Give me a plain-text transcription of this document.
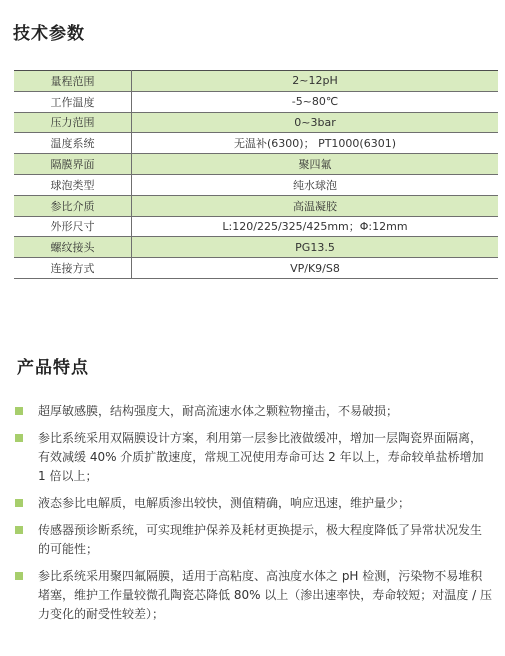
技术参数
量程范围	2~12pH
工作温度	-5~80℃
压力范围	0~3bar
温度系统	无温补(6300)； PT1000(6301)
隔膜界面	聚四氟
球泡类型	纯水球泡
参比介质	高温凝胶
外形尺寸	L:120/225/325/425mm；Φ:12mm
螺纹接头	PG13.5
连接方式	VP/K9/S8
产品特点
超厚敏感膜，结构强度大，耐高流速水体之颗粒物撞击，不易破损；
参比系统采用双隔膜设计方案，利用第一层参比液做缓冲，增加一层陶瓷界面隔离，有效减缓 40% 介质扩散速度，常规工况使用寿命可达 2 年以上，寿命较单盐桥增加 1 倍以上；
液态参比电解质，电解质渗出较快，测值精确，响应迅速，维护量少；
传感器预诊断系统，可实现维护保养及耗材更换提示，极大程度降低了异常状况发生的可能性；
参比系统采用聚四氟隔膜，适用于高粘度、高浊度水体之 pH 检测，污染物不易堆积堵塞，维护工作量较微孔陶瓷芯降低 80% 以上（渗出速率快，寿命较短；对温度 / 压力变化的耐受性较差）；
